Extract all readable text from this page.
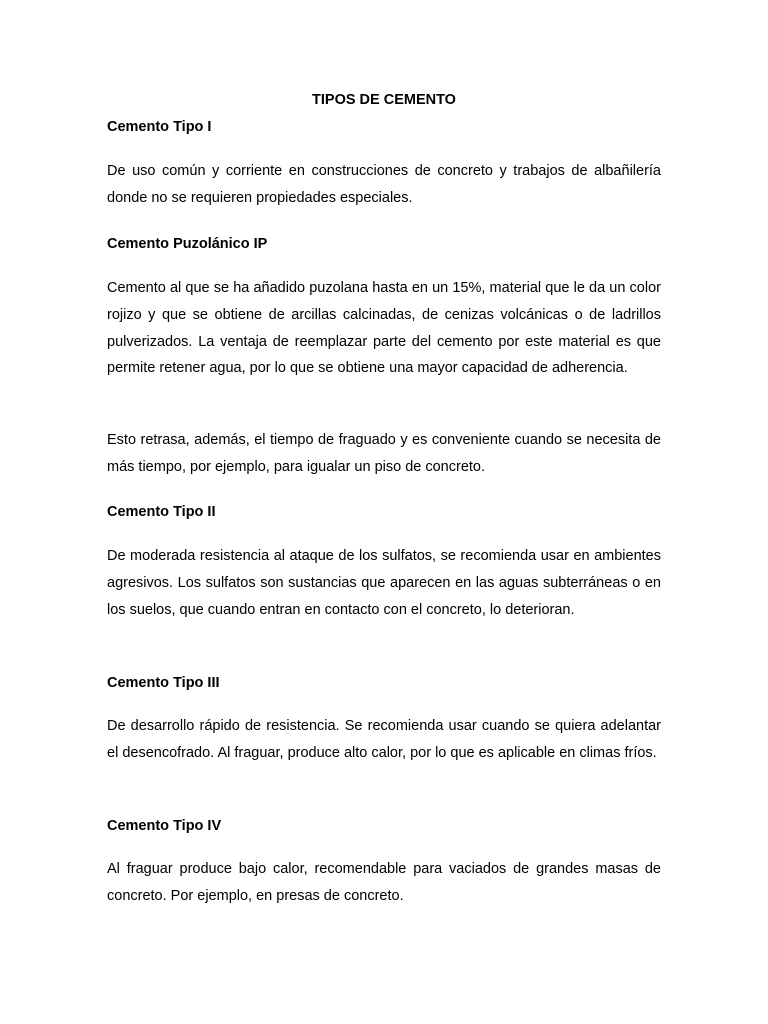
TIPOS DE CEMENTO
Cemento Tipo I

De uso común y corriente en construcciones de concreto y trabajos de albañilería donde no se requieren propiedades especiales.

Cemento Puzolánico IP

Cemento al que se ha añadido puzolana hasta en un 15%, material que le da un color rojizo y que se obtiene de arcillas calcinadas, de cenizas volcánicas o de ladrillos pulverizados. La ventaja de reemplazar parte del cemento por este material es que permite retener agua, por lo que se obtiene una mayor capacidad de adherencia.

Esto retrasa, además, el tiempo de fraguado y es conveniente cuando se necesita de más tiempo, por ejemplo, para igualar un piso de concreto.

Cemento Tipo II

De moderada resistencia al ataque de los sulfatos, se recomienda usar en ambientes agresivos. Los sulfatos son sustancias que aparecen en las aguas subterráneas o en los suelos, que cuando entran en contacto con el concreto, lo deterioran.

Cemento Tipo III

De desarrollo rápido de resistencia. Se recomienda usar cuando se quiera adelantar el desencofrado. Al fraguar, produce alto calor, por lo que es aplicable en climas fríos.

Cemento Tipo IV

Al fraguar produce bajo calor, recomendable para vaciados de grandes masas de concreto. Por ejemplo, en presas de concreto.
